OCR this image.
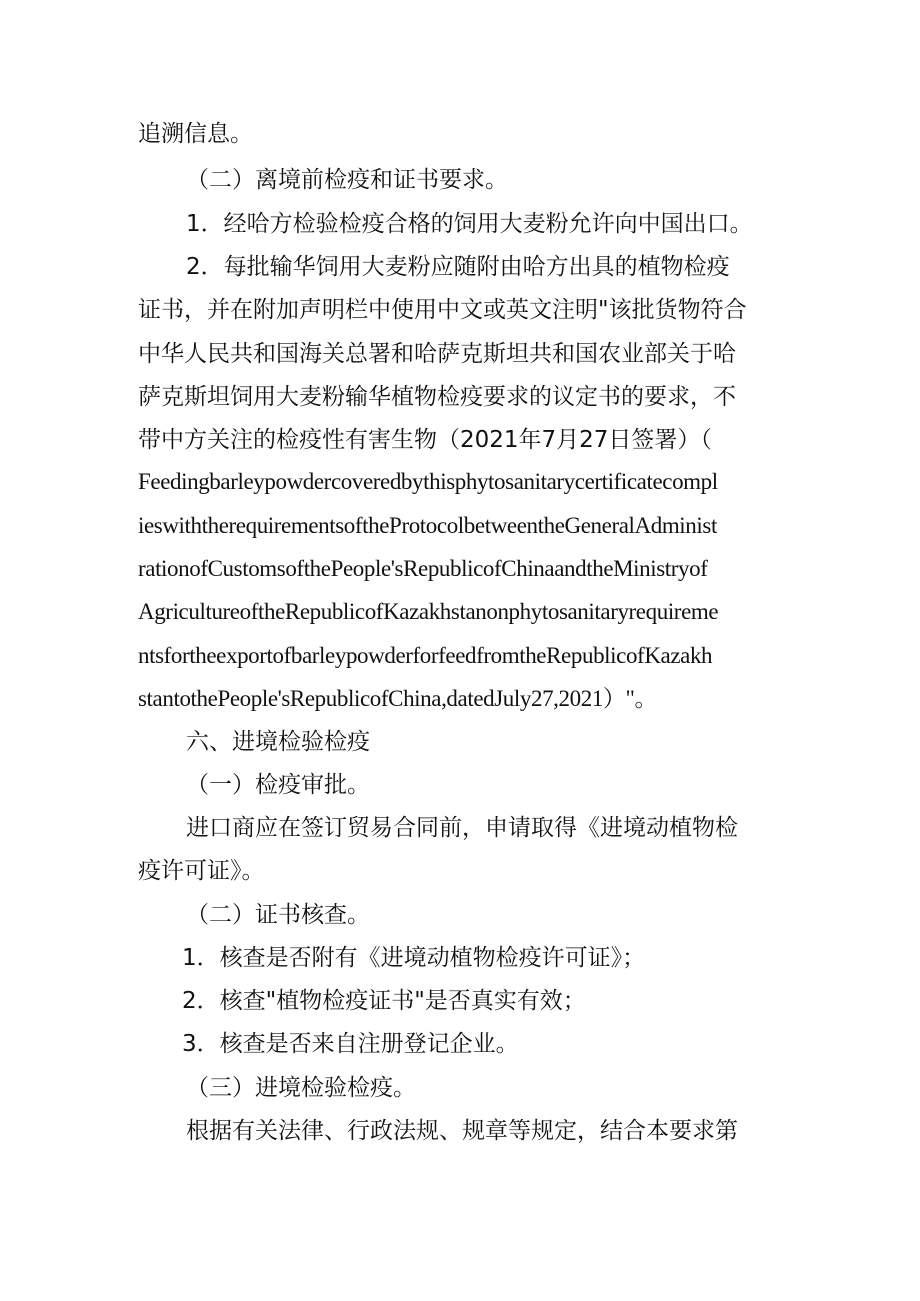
追溯信息。
（二）离境前检疫和证书要求。
1．经哈方检验检疫合格的饲用大麦粉允许向中国出口。
2．每批输华饲用大麦粉应随附由哈方出具的植物检疫
证书，并在附加声明栏中使用中文或英文注明"该批货物符合
中华人民共和国海关总署和哈萨克斯坦共和国农业部关于哈
萨克斯坦饲用大麦粉输华植物检疫要求的议定书的要求，不
带中方关注的检疫性有害生物（2021年7月27日签署）（
Feedingbarleypowdercoveredbythisphytosanitarycertificatecompl
ieswiththerequirementsoftheProtocolbetweentheGeneralAdminist
rationofCustomsofthePeople'sRepublicofChinaandtheMinistryof
AgricultureoftheRepublicofKazakhstanonphytosanitaryrequireme
ntsfortheexportofbarleypowderforfeedfromtheRepublicofKazakh
stantothePeople'sRepublicofChina,datedJuly27,2021）"。
六、进境检验检疫
（一）检疫审批。
进口商应在签订贸易合同前，申请取得《进境动植物检
疫许可证》。
（二）证书核查。
1．核查是否附有《进境动植物检疫许可证》；
2．核查"植物检疫证书"是否真实有效；
3．核查是否来自注册登记企业。
（三）进境检验检疫。
根据有关法律、行政法规、规章等规定，结合本要求第
